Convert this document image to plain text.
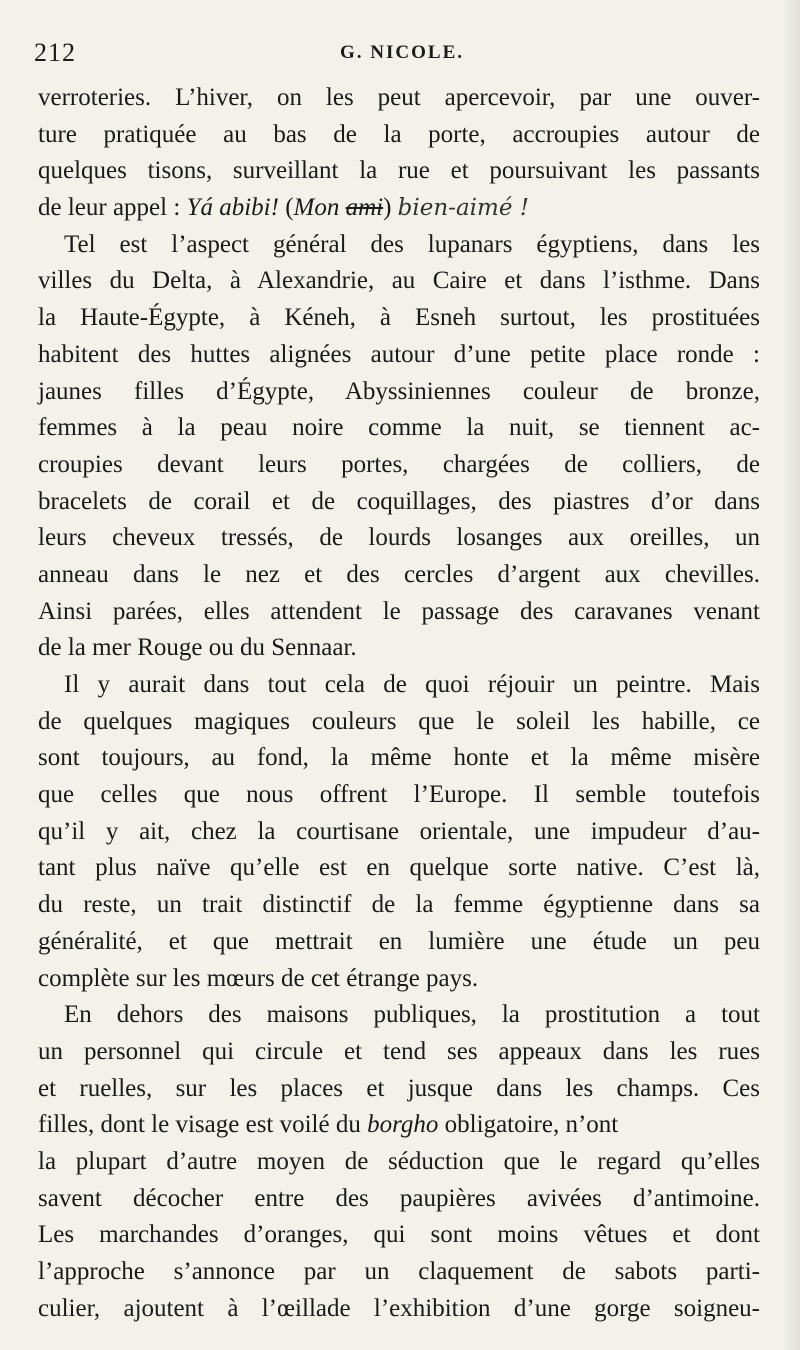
212	G. NICOLE.
verroteries. L’hiver, on les peut apercevoir, par une ouver-
ture pratiquée au bas de la porte, accroupies autour de
quelques tisons, surveillant la rue et poursuivant les passants
de leur appel : Yá abibi! (Mon ami) bien-aimé !
Tel est l’aspect général des lupanars égyptiens, dans les
villes du Delta, à Alexandrie, au Caire et dans l’isthme. Dans
la Haute-Égypte, à Kéneh, à Esneh surtout, les prostituées
habitent des huttes alignées autour d’une petite place ronde :
jaunes filles d’Égypte, Abyssiniennes couleur de bronze,
femmes à la peau noire comme la nuit, se tiennent ac-
croupies devant leurs portes, chargées de colliers, de
bracelets de corail et de coquillages, des piastres d’or dans
leurs cheveux tressés, de lourds losanges aux oreilles, un
anneau dans le nez et des cercles d’argent aux chevilles.
Ainsi parées, elles attendent le passage des caravanes venant
de la mer Rouge ou du Sennaar.
Il y aurait dans tout cela de quoi réjouir un peintre. Mais
de quelques magiques couleurs que le soleil les habille, ce
sont toujours, au fond, la même honte et la même misère
que celles que nous offrent l’Europe. Il semble toutefois
qu’il y ait, chez la courtisane orientale, une impudeur d’au-
tant plus naïve qu’elle est en quelque sorte native. C’est là,
du reste, un trait distinctif de la femme égyptienne dans sa
généralité, et que mettrait en lumière une étude un peu
complète sur les mœurs de cet étrange pays.
En dehors des maisons publiques, la prostitution a tout
un personnel qui circule et tend ses appeaux dans les rues
et ruelles, sur les places et jusque dans les champs. Ces
filles, dont le visage est voilé du borgho obligatoire, n’ont
la plupart d’autre moyen de séduction que le regard qu’elles
savent décocher entre des paupières avivées d’antimoine.
Les marchandes d’oranges, qui sont moins vêtues et dont
l’approche s’annonce par un claquement de sabots parti-
culier, ajoutent à l’œillade l’exhibition d’une gorge soigneu-
